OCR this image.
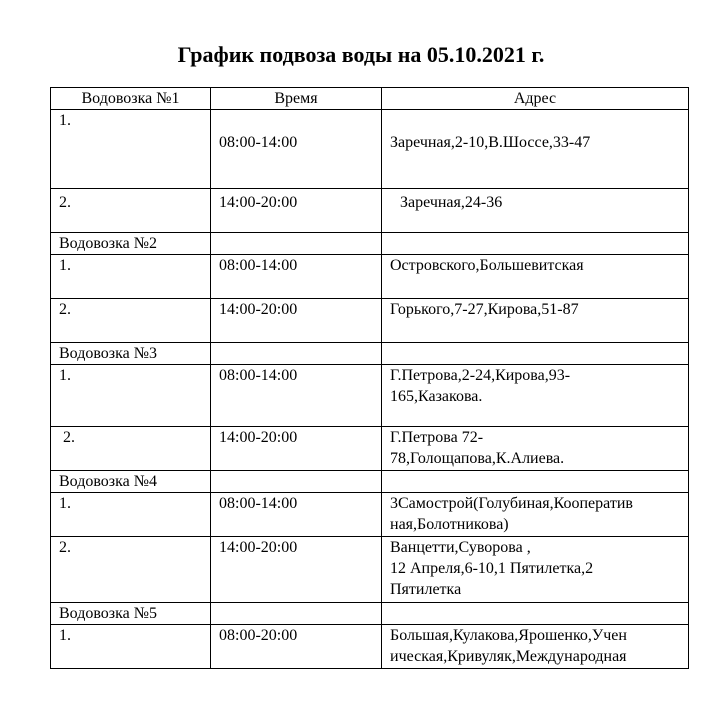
График подвоза воды на 05.10.2021 г.
Водовозка №1	Время	Адрес
1.	08:00-14:00	Заречная,2-10,В.Шоссе,33-47

2.	14:00-20:00	Заречная,24-36

Водовозка №2		
1.	08:00-14:00	Островского,Большевитская

2.	14:00-20:00	Горького,7-27,Кирова,51-87

Водовозка №3		
1.	08:00-14:00	Г.Петрова,2-24,Кирова,93-
165,Казакова.

2.	14:00-20:00	Г.Петрова 72-
78,Голощапова,К.Алиева.

Водовозка №4		
1.	08:00-14:00	3Самострой(Голубиная,Кооператив
ная,Болотникова)

2.	14:00-20:00	Ванцетти,Суворова ,
12 Апреля,6-10,1 Пятилетка,2
Пятилетка

Водовозка №5		
1.	08:00-20:00	Большая,Кулакова,Ярошенко,Учен
ическая,Кривуляк,Международная
